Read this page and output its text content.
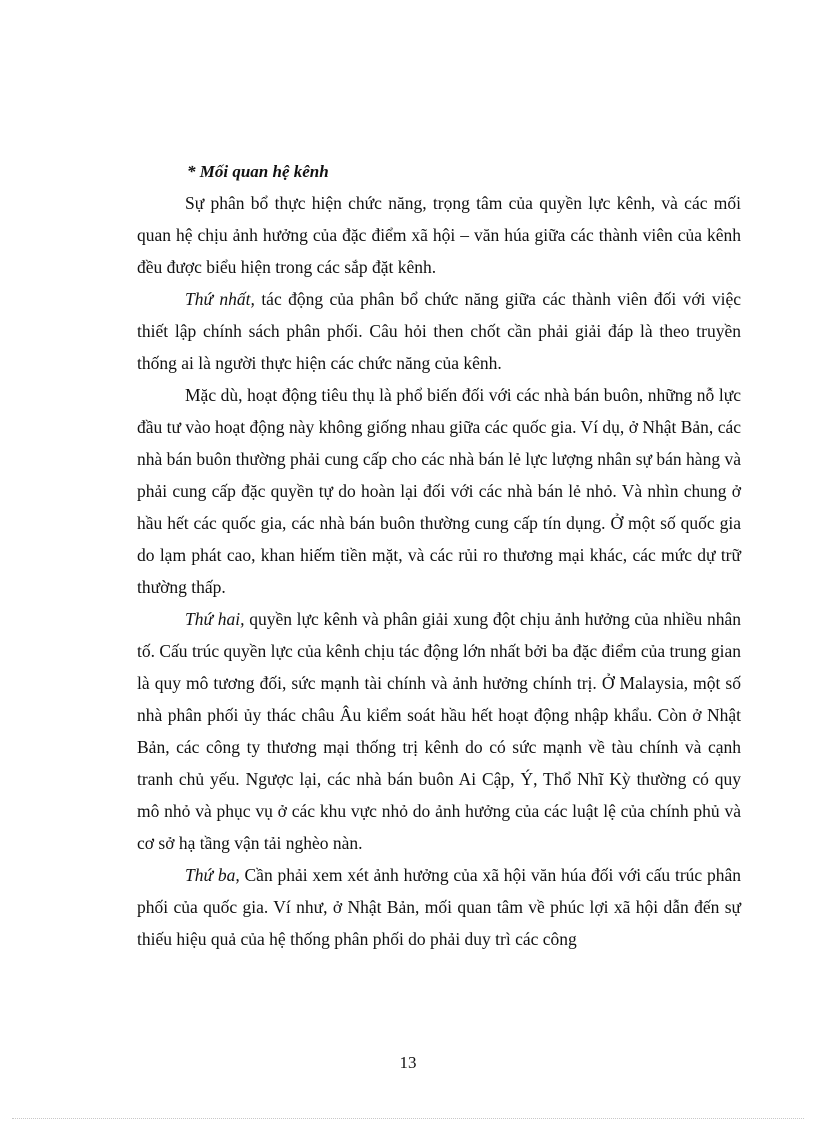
* Mối quan hệ kênh

Sự phân bổ thực hiện chức năng, trọng tâm của quyền lực kênh, và các mối quan hệ chịu ảnh hưởng của đặc điểm xã hội – văn húa giữa các thành viên của kênh đều được biểu hiện trong các sắp đặt kênh.

Thứ nhất, tác động của phân bổ chức năng giữa các thành viên đối với việc thiết lập chính sách phân phối. Câu hỏi then chốt cần phải giải đáp là theo truyền thống ai là người thực hiện các chức năng của kênh.

Mặc dù, hoạt động tiêu thụ là phổ biến đối với các nhà bán buôn, những nỗ lực đầu tư vào hoạt động này không giống nhau giữa các quốc gia. Ví dụ, ở Nhật Bản, các nhà bán buôn thường phải cung cấp cho các nhà bán lẻ lực lượng nhân sự bán hàng và phải cung cấp đặc quyền tự do hoàn lại đối với các nhà bán lẻ nhỏ. Và nhìn chung ở hầu hết các quốc gia, các nhà bán buôn thường cung cấp tín dụng. Ở một số quốc gia do lạm phát cao, khan hiếm tiền mặt, và các rủi ro thương mại khác, các mức dự trữ thường thấp.

Thứ hai, quyền lực kênh và phân giải xung đột chịu ảnh hưởng của nhiều nhân tố. Cấu trúc quyền lực của kênh chịu tác động lớn nhất bởi ba đặc điểm của trung gian là quy mô tương đối, sức mạnh tài chính và ảnh hưởng chính trị. Ở Malaysia, một số nhà phân phối ủy thác châu Âu kiểm soát hầu hết hoạt động nhập khẩu. Còn ở Nhật Bản, các công ty thương mại thống trị kênh do có sức mạnh về tàu chính và cạnh tranh chủ yếu. Ngược lại, các nhà bán buôn Ai Cập, Ý, Thổ Nhĩ Kỳ thường có quy mô nhỏ và phục vụ ở các khu vực nhỏ do ảnh hưởng của các luật lệ của chính phủ và cơ sở hạ tầng vận tải nghèo nàn.

Thứ ba, Cần phải xem xét ảnh hưởng của xã hội văn húa đối với cấu trúc phân phối của quốc gia. Ví như, ở Nhật Bản, mối quan tâm về phúc lợi xã hội dẫn đến sự thiếu hiệu quả của hệ thống phân phối do phải duy trì các công

13
